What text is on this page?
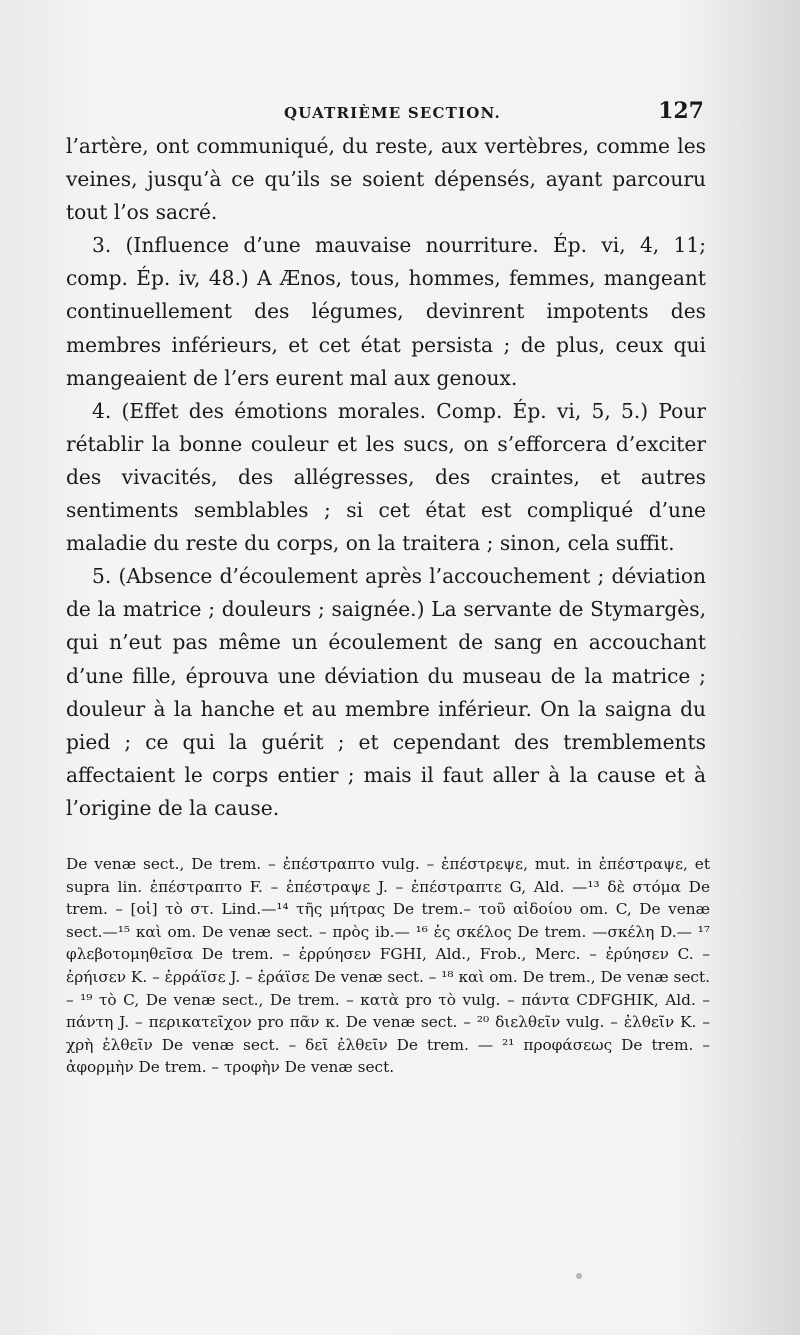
QUATRIÈME SECTION.	127

l’artère, ont communiqué, du reste, aux vertèbres, comme les veines, jusqu’à ce qu’ils se soient dépensés, ayant parcouru tout l’os sacré.

3. (Influence d’une mauvaise nourriture. Ép. vi, 4, 11; comp. Ép. iv, 48.) A Ænos, tous, hommes, femmes, mangeant continuellement des légumes, devinrent impotents des membres inférieurs, et cet état persista ; de plus, ceux qui mangeaient de l’ers eurent mal aux genoux.

4. (Effet des émotions morales. Comp. Ép. vi, 5, 5.) Pour rétablir la bonne couleur et les sucs, on s’efforcera d’exciter des vivacités, des allégresses, des craintes, et autres sentiments semblables ; si cet état est compliqué d’une maladie du reste du corps, on la traitera ; sinon, cela suffit.

5. (Absence d’écoulement après l’accouchement ; déviation de la matrice ; douleurs ; saignée.) La servante de Stymargès, qui n’eut pas même un écoulement de sang en accouchant d’une fille, éprouva une déviation du museau de la matrice ; douleur à la hanche et au membre inférieur. On la saigna du pied ; ce qui la guérit ; et cependant des tremblements affectaient le corps entier ; mais il faut aller à la cause et à l’origine de la cause.

De venæ sect., De trem. – ἐπέστραπτο vulg. – ἐπέστρεψε, mut. in ἐπέστραψε, et supra lin. ἐπέστραπτο F. – ἐπέστραψε J. – ἐπέστραπτε G, Ald. —¹³ δὲ στόμα De trem. – [οἱ] τὸ στ. Lind.—¹⁴ τῆς μήτρας De trem.– τοῦ αἰδοίου om. C, De venæ sect.—¹⁵ καὶ om. De venæ sect. – πρὸς ib.— ¹⁶ ἐς σκέλος De trem. —σκέλη D.— ¹⁷ φλεβοτομηθεῖσα De trem. – ἐρρύησεν FGHI, Ald., Frob., Merc. – ἐρύησεν C. – ἐρήισεν K. – ἐρράϊσε J. – ἐράϊσε De venæ sect. – ¹⁸ καὶ om. De trem., De venæ sect. – ¹⁹ τὸ C, De venæ sect., De trem. – κατὰ pro τὸ vulg. – πάντα CDFGHIK, Ald. – πάντη J. – περικατεῖχον pro πᾶν κ. De venæ sect. – ²⁰ διελθεῖν vulg. – ἐλθεῖν K. – χρὴ ἐλθεῖν De venæ sect. – δεῖ ἐλθεῖν De trem. — ²¹ προφάσεως De trem. – ἀφορμὴν De trem. – τροφὴν De venæ sect.
